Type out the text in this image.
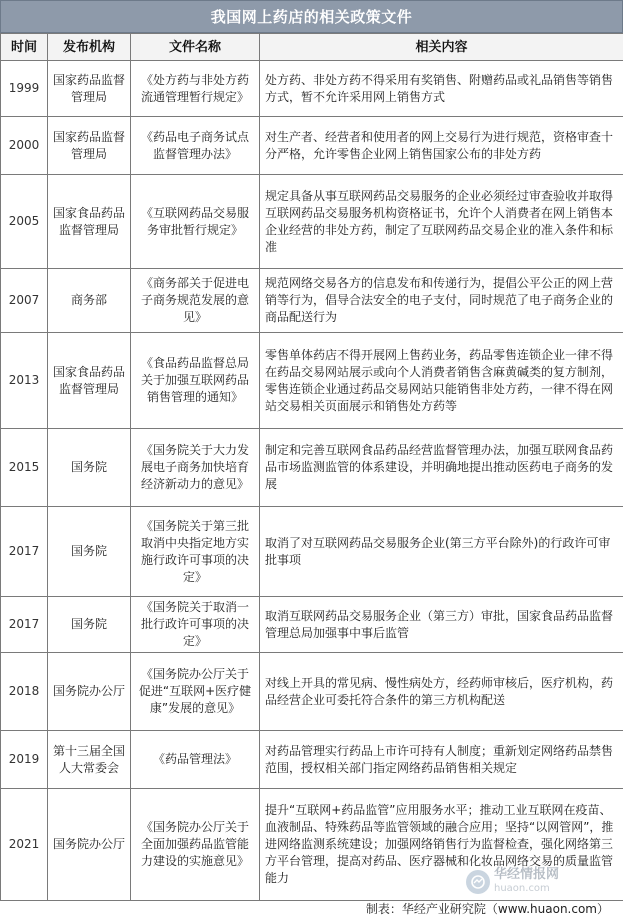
我国网上药店的相关政策文件
时间	发布机构	文件名称	相关内容
1999	国家药品监督管理局	《处方药与非处方药流通管理暂行规定》	处方药、非处方药不得采用有奖销售、附赠药品或礼品销售等销售方式，暂不允许采用网上销售方式
2000	国家药品监督管理局	《药品电子商务试点监督管理办法》	对生产者、经营者和使用者的网上交易行为进行规范，资格审查十分严格，允许零售企业网上销售国家公布的非处方药
2005	国家食品药品监督管理局	《互联网药品交易服务审批暂行规定》	规定具备从事互联网药品交易服务的企业必须经过审查验收并取得互联网药品交易服务机构资格证书，允许个人消费者在网上销售本企业经营的非处方药，制定了互联网药品交易企业的准入条件和标准
2007	商务部	《商务部关于促进电子商务规范发展的意见》	规范网络交易各方的信息发布和传递行为，提倡公平公正的网上营销等行为，倡导合法安全的电子支付，同时规范了电子商务企业的商品配送行为
2013	国家食品药品监督管理局	《食品药品监督总局关于加强互联网药品销售管理的通知》	零售单体药店不得开展网上售药业务，药品零售连锁企业一律不得在药品交易网站展示或向个人消费者销售含麻黄碱类的复方制剂，零售连锁企业通过药品交易网站只能销售非处方药，一律不得在网站交易相关页面展示和销售处方药等
2015	国务院	《国务院关于大力发展电子商务加快培育经济新动力的意见》	制定和完善互联网食品药品经营监督管理办法，加强互联网食品药品市场监测监管的体系建设，并明确地提出推动医药电子商务的发展
2017	国务院	《国务院关于第三批取消中央指定地方实施行政许可事项的决定》	取消了对互联网药品交易服务企业(第三方平台除外)的行政许可审批事项
2017	国务院	《国务院关于取消一批行政许可事项的决定》	取消互联网药品交易服务企业（第三方）审批，国家食品药品监督管理总局加强事中事后监管
2018	国务院办公厅	《国务院办公厅关于促进“互联网+医疗健康”发展的意见》	对线上开具的常见病、慢性病处方，经药师审核后，医疗机构，药品经营企业可委托符合条件的第三方机构配送
2019	第十三届全国人大常委会	《药品管理法》	对药品管理实行药品上市许可持有人制度；重新划定网络药品禁售范围，授权相关部门指定网络药品销售相关规定
2021	国务院办公厅	《国务院办公厅关于全面加强药品监管能力建设的实施意见》	提升“互联网+药品监管”应用服务水平；推动工业互联网在疫苗、血液制品、特殊药品等监管领域的融合应用；坚持“以网管网”，推进网络监测系统建设；加强网络销售行为监督检查，强化网络第三方平台管理，提高对药品、医疗器械和化妆品网络交易的质量监管能力	华经情报网
huaon.com
制表：华经产业研究院（www.huaon.com）
